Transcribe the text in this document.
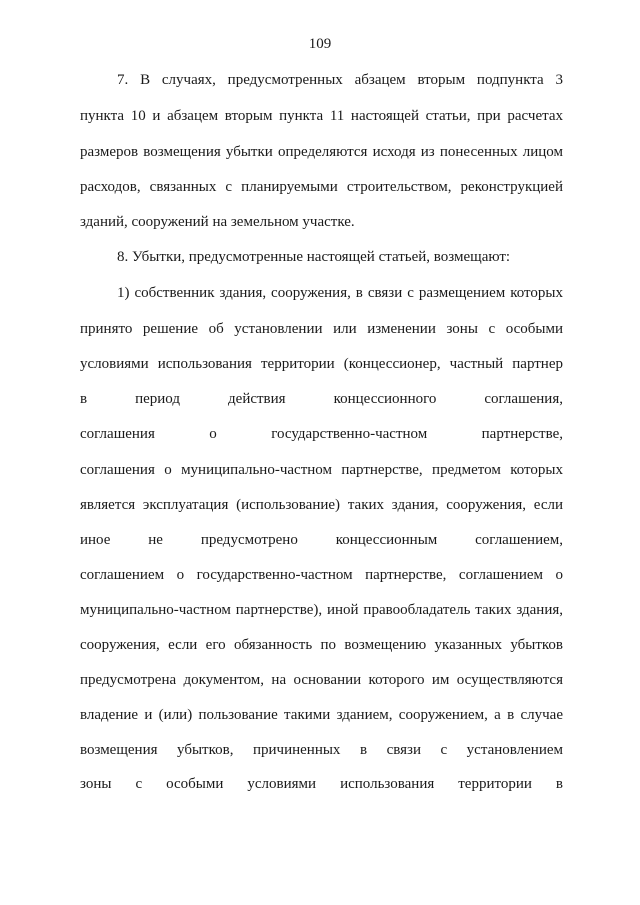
109
7. В случаях, предусмотренных абзацем вторым подпункта 3
пункта 10 и абзацем вторым пункта 11 настоящей статьи, при расчетах
размеров возмещения убытки определяются исходя из понесенных лицом
расходов, связанных с планируемыми строительством, реконструкцией
зданий, сооружений на земельном участке.
8. Убытки, предусмотренные настоящей статьей, возмещают:
1) собственник здания, сооружения, в связи с размещением которых
принято решение об установлении или изменении зоны с особыми
условиями использования территории (концессионер, частный партнер
в период действия концессионного соглашения,
соглашения о государственно-частном партнерстве,
соглашения о муниципально-частном партнерстве, предметом которых
является эксплуатация (использование) таких здания, сооружения, если
иное не предусмотрено концессионным соглашением,
соглашением о государственно-частном партнерстве, соглашением о
муниципально-частном партнерстве), иной правообладатель таких здания,
сооружения, если его обязанность по возмещению указанных убытков
предусмотрена документом, на основании которого им осуществляются
владение и (или) пользование такими зданием, сооружением, а в случае
возмещения убытков, причиненных в связи с установлением
зоны с особыми условиями использования территории в
